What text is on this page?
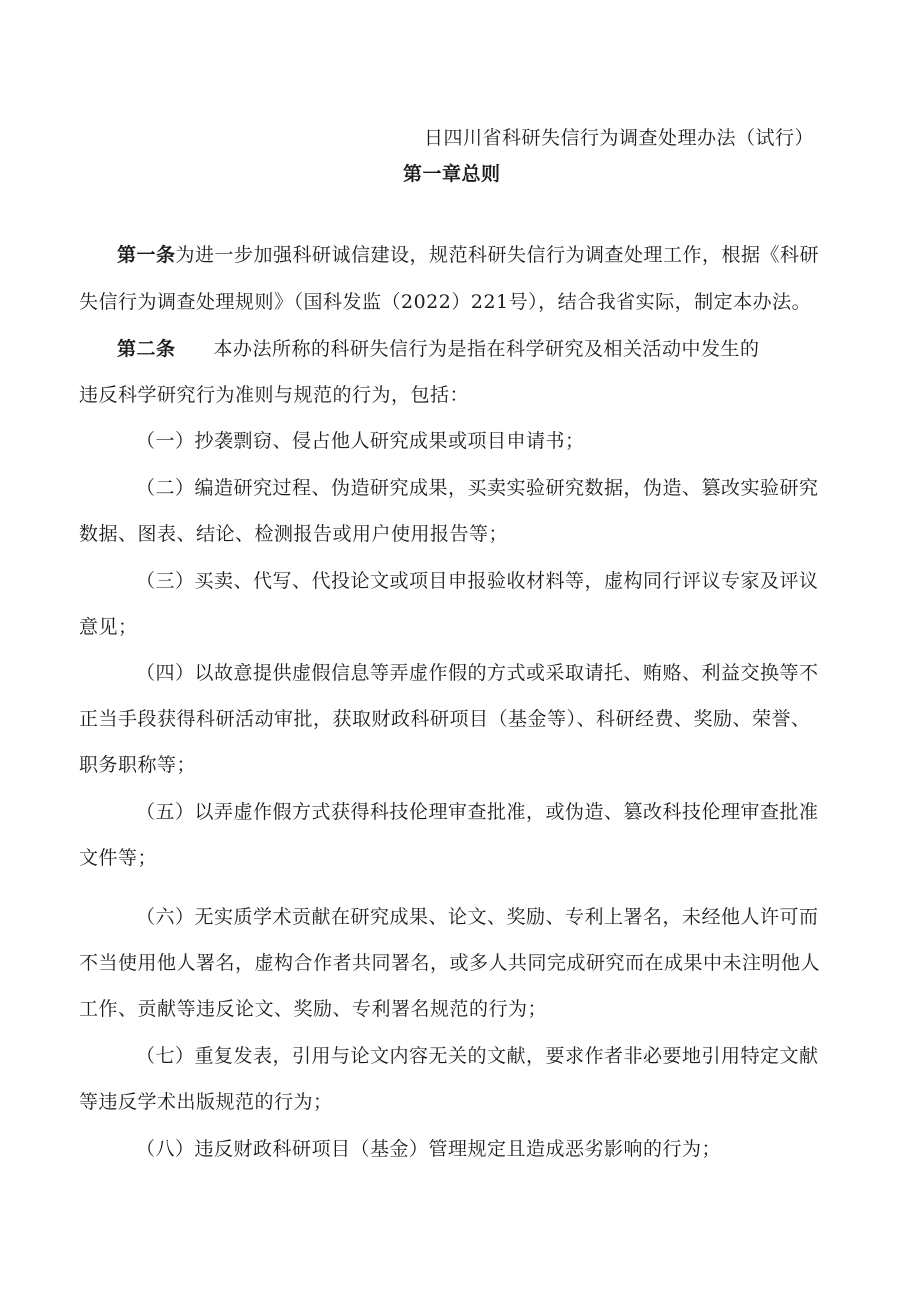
日四川省科研失信行为调查处理办法（试行）
第一章总则
第一条为进一步加强科研诚信建设，规范科研失信行为调查处理工作，根据《科研
失信行为调查处理规则》（国科发监（2022）221号），结合我省实际，制定本办法。
第二条 本办法所称的科研失信行为是指在科学研究及相关活动中发生的
违反科学研究行为准则与规范的行为，包括：
（一）抄袭剽窃、侵占他人研究成果或项目申请书；
（二）编造研究过程、伪造研究成果，买卖实验研究数据，伪造、篡改实验研究
数据、图表、结论、检测报告或用户使用报告等；
（三）买卖、代写、代投论文或项目申报验收材料等，虚构同行评议专家及评议
意见；
（四）以故意提供虚假信息等弄虚作假的方式或采取请托、贿赂、利益交换等不
正当手段获得科研活动审批，获取财政科研项目（基金等）、科研经费、奖励、荣誉、
职务职称等；
（五）以弄虚作假方式获得科技伦理审查批准，或伪造、篡改科技伦理审查批准
文件等；
（六）无实质学术贡献在研究成果、论文、奖励、专利上署名，未经他人许可而
不当使用他人署名，虚构合作者共同署名，或多人共同完成研究而在成果中未注明他人
工作、贡献等违反论文、奖励、专利署名规范的行为；
（七）重复发表，引用与论文内容无关的文献，要求作者非必要地引用特定文献
等违反学术出版规范的行为；
（八）违反财政科研项目（基金）管理规定且造成恶劣影响的行为；
